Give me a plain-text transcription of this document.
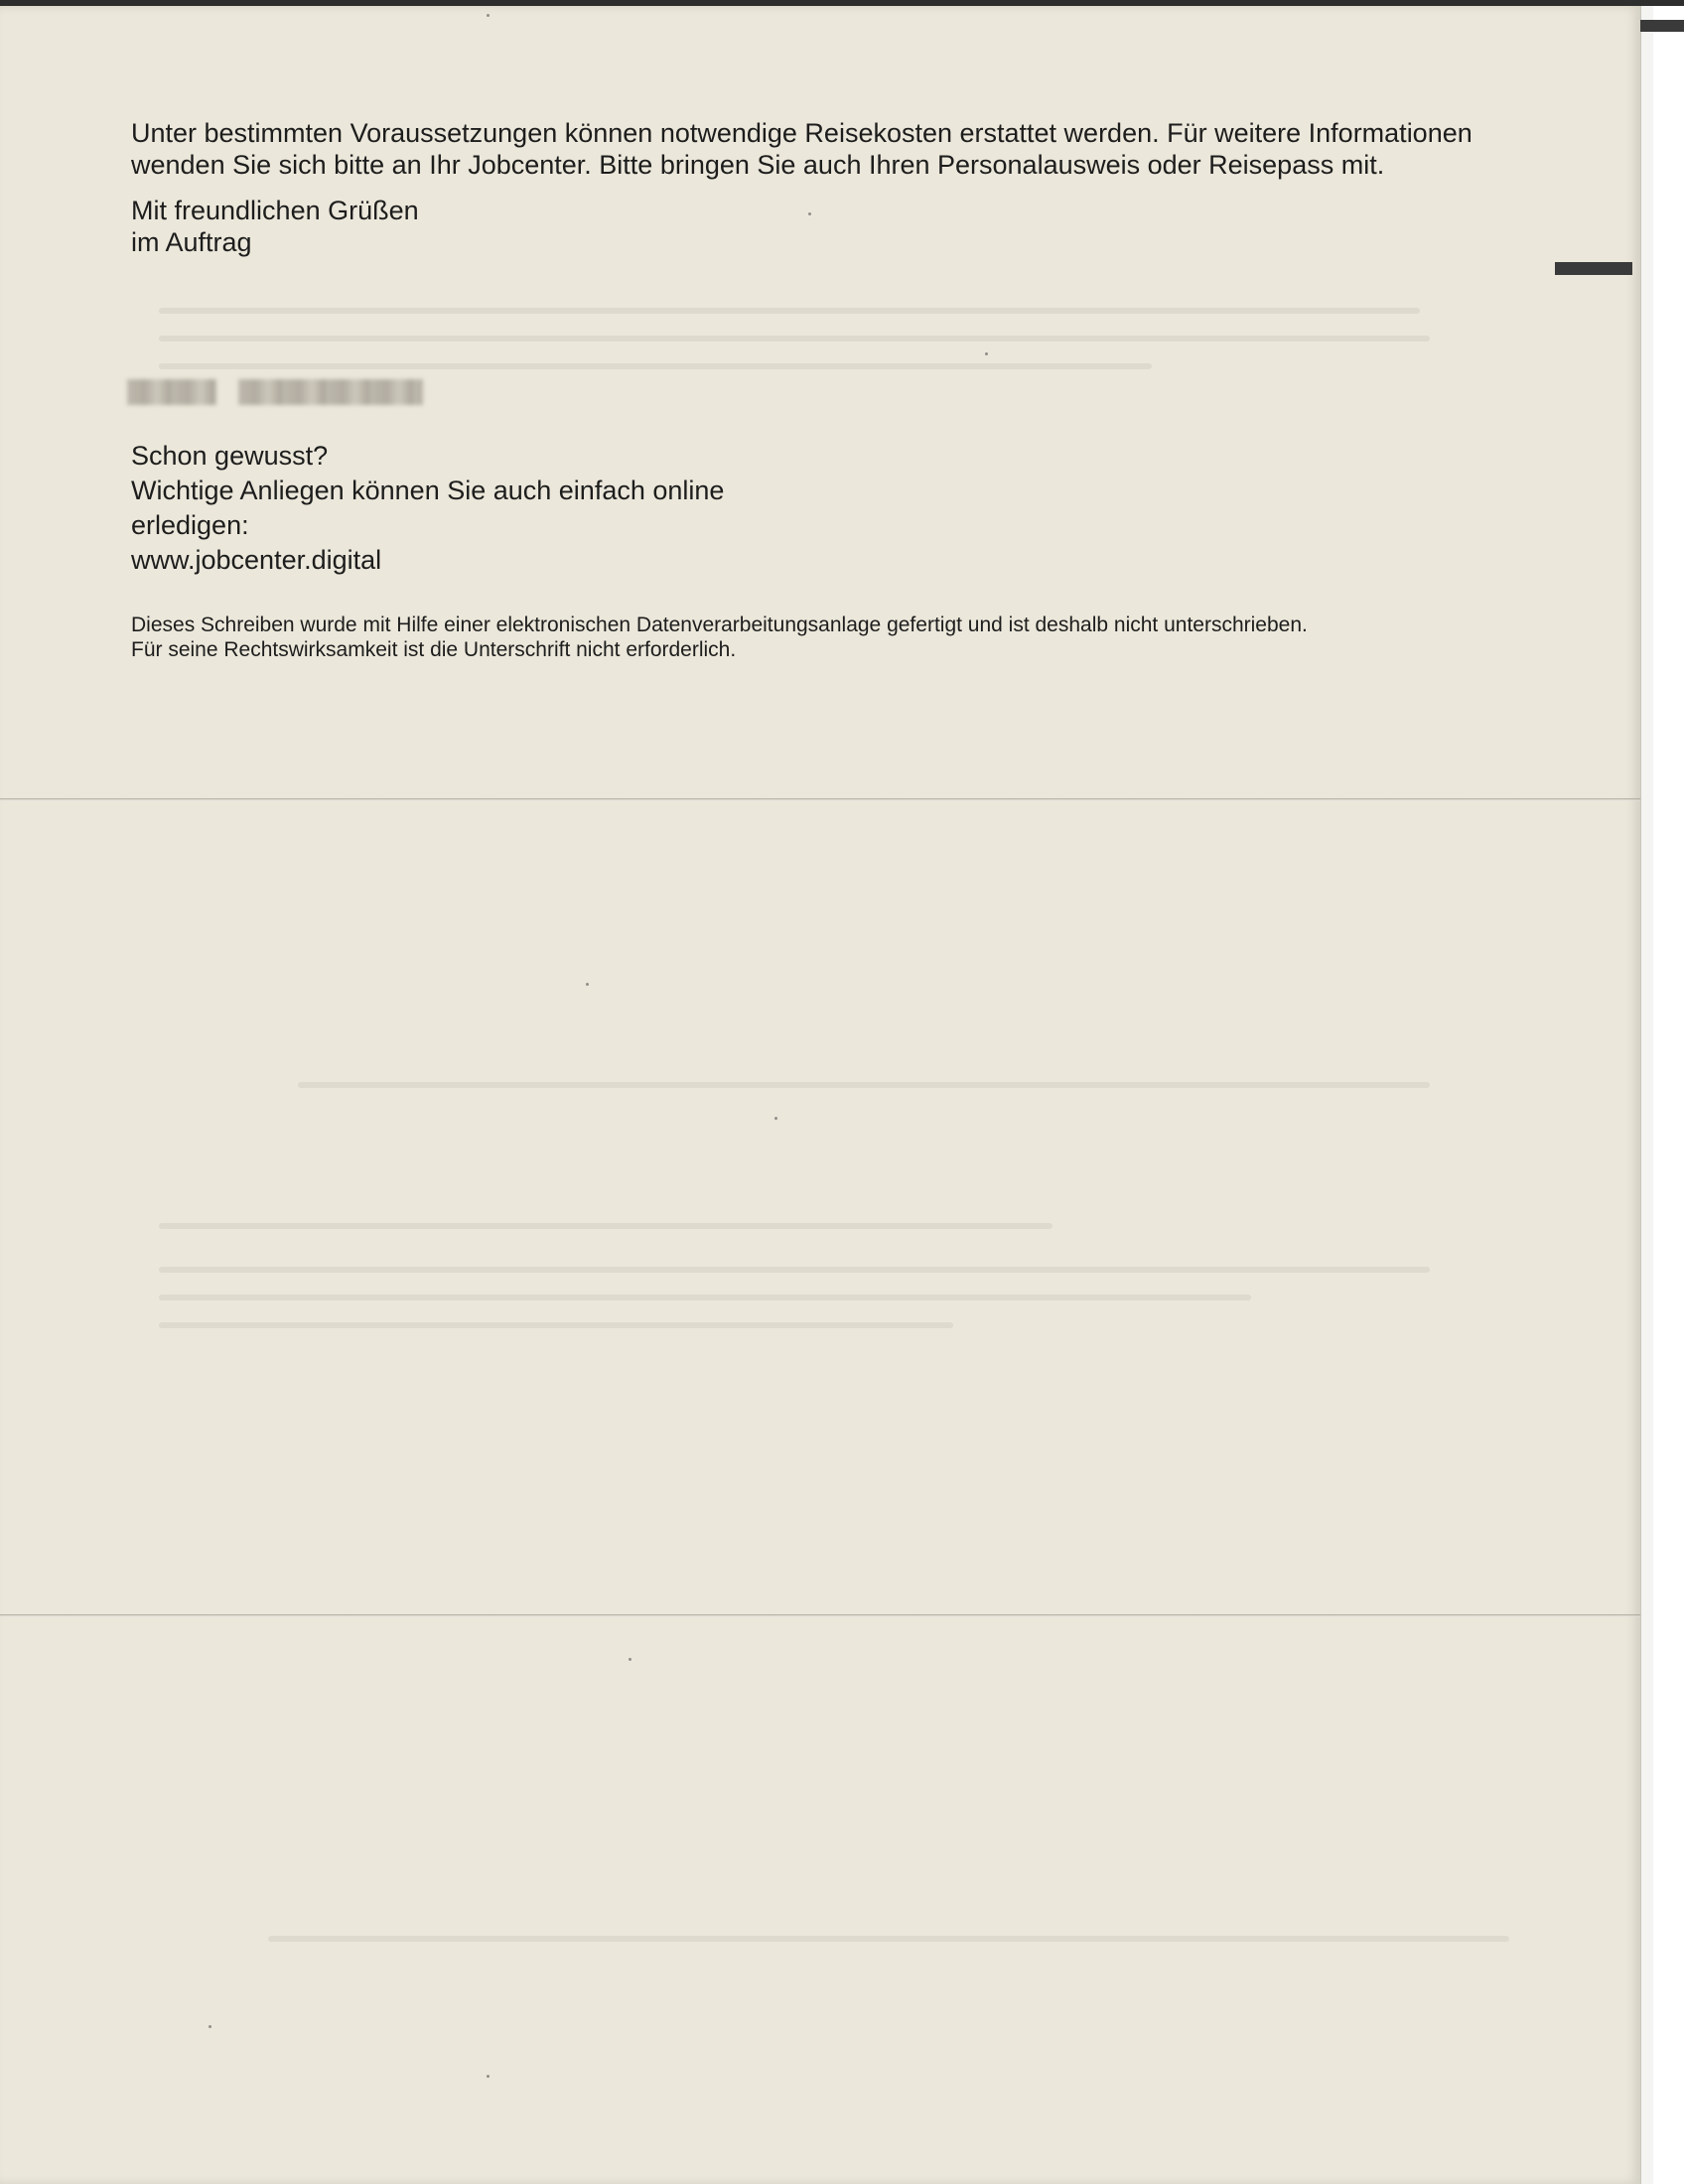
Unter bestimmten Voraussetzungen können notwendige Reisekosten erstattet werden. Für weitere Informationen wenden Sie sich bitte an Ihr Jobcenter. Bitte bringen Sie auch Ihren Personalausweis oder Reisepass mit.

Mit freundlichen Grüßen
im Auftrag
Schon gewusst?
Wichtige Anliegen können Sie auch einfach online
erledigen:
www.jobcenter.digital
Dieses Schreiben wurde mit Hilfe einer elektronischen Datenverarbeitungsanlage gefertigt und ist deshalb nicht unterschrieben.
Für seine Rechtswirksamkeit ist die Unterschrift nicht erforderlich.
